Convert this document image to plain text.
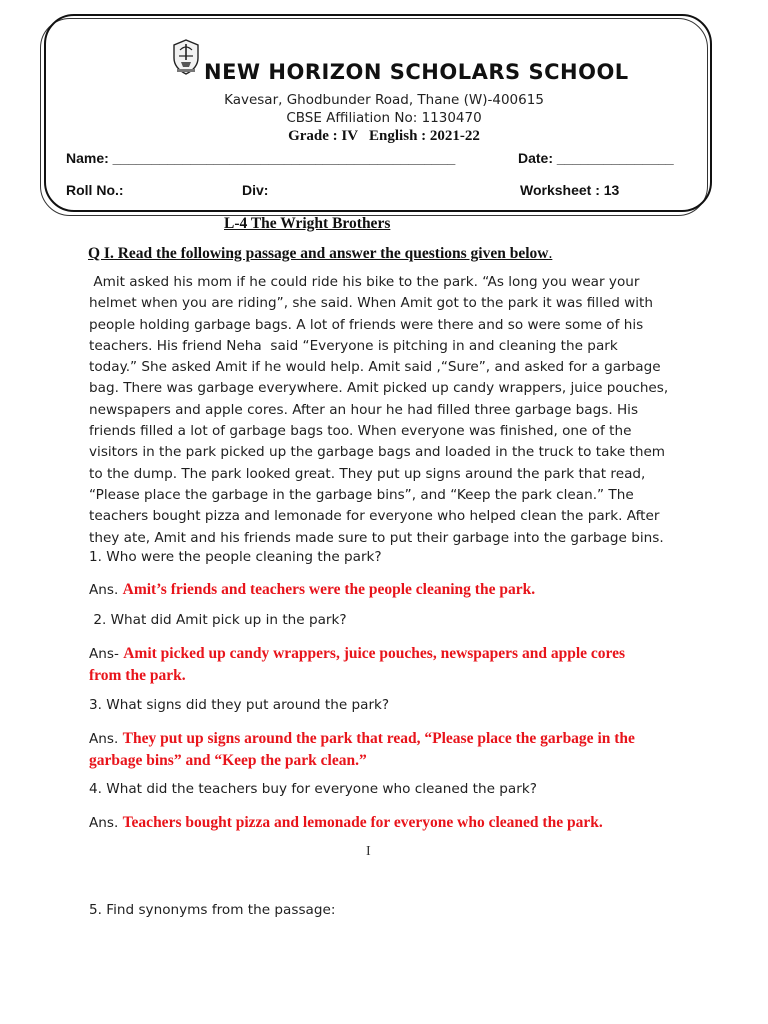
NEW HORIZON SCHOLARS SCHOOL
Kavesar, Ghodbunder Road, Thane (W)-400615
CBSE Affiliation No: 1130470
Grade : IV   English : 2021-22
Name: ____________________________________________	Date: _______________
Roll No.:	Div:	Worksheet : 13
L-4 The Wright Brothers
Q I. Read the following passage and answer the questions given below.
Amit asked his mom if he could ride his bike to the park. “As long you wear your
helmet when you are riding”, she said. When Amit got to the park it was filled with
people holding garbage bags. A lot of friends were there and so were some of his
teachers. His friend Neha  said “Everyone is pitching in and cleaning the park
today.” She asked Amit if he would help. Amit said ,“Sure”, and asked for a garbage
bag. There was garbage everywhere. Amit picked up candy wrappers, juice pouches,
newspapers and apple cores. After an hour he had filled three garbage bags. His
friends filled a lot of garbage bags too. When everyone was finished, one of the
visitors in the park picked up the garbage bags and loaded in the truck to take them
to the dump. The park looked great. They put up signs around the park that read,
“Please place the garbage in the garbage bins”, and “Keep the park clean.” The
teachers bought pizza and lemonade for everyone who helped clean the park. After
they ate, Amit and his friends made sure to put their garbage into the garbage bins.
1. Who were the people cleaning the park?
Ans. Amit’s friends and teachers were the people cleaning the park.
2. What did Amit pick up in the park?
Ans- Amit picked up candy wrappers, juice pouches, newspapers and apple cores
from the park.
3. What signs did they put around the park?
Ans. They put up signs around the park that read, “Please place the garbage in the
garbage bins” and “Keep the park clean.”
4. What did the teachers buy for everyone who cleaned the park?
Ans. Teachers bought pizza and lemonade for everyone who cleaned the park.
I
5. Find synonyms from the passage:
